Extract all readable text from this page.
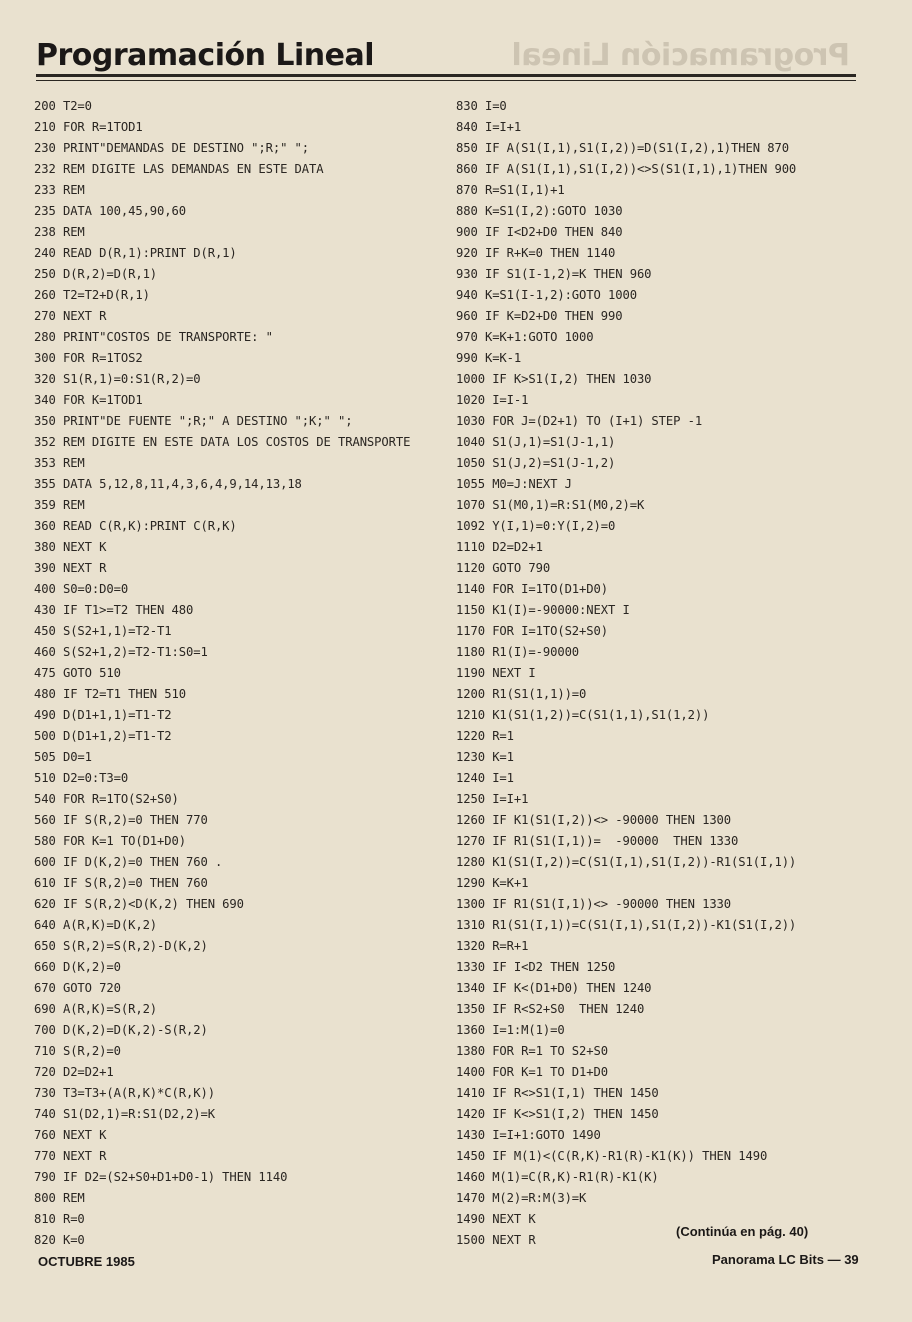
Programación Lineal	Programación Lineal
200 T2=0
210 FOR R=1TOD1
230 PRINT"DEMANDAS DE DESTINO ";R;" ";
232 REM DIGITE LAS DEMANDAS EN ESTE DATA
233 REM
235 DATA 100,45,90,60
238 REM
240 READ D(R,1):PRINT D(R,1)
250 D(R,2)=D(R,1)
260 T2=T2+D(R,1)
270 NEXT R
280 PRINT"COSTOS DE TRANSPORTE: "
300 FOR R=1TOS2
320 S1(R,1)=0:S1(R,2)=0
340 FOR K=1TOD1
350 PRINT"DE FUENTE ";R;" A DESTINO ";K;" ";
352 REM DIGITE EN ESTE DATA LOS COSTOS DE TRANSPORTE
353 REM
355 DATA 5,12,8,11,4,3,6,4,9,14,13,18
359 REM
360 READ C(R,K):PRINT C(R,K)
380 NEXT K
390 NEXT R
400 S0=0:D0=0
430 IF T1>=T2 THEN 480
450 S(S2+1,1)=T2-T1
460 S(S2+1,2)=T2-T1:S0=1
475 GOTO 510
480 IF T2=T1 THEN 510
490 D(D1+1,1)=T1-T2
500 D(D1+1,2)=T1-T2
505 D0=1
510 D2=0:T3=0
540 FOR R=1TO(S2+S0)
560 IF S(R,2)=0 THEN 770
580 FOR K=1 TO(D1+D0)
600 IF D(K,2)=0 THEN 760 .
610 IF S(R,2)=0 THEN 760
620 IF S(R,2)<D(K,2) THEN 690
640 A(R,K)=D(K,2)
650 S(R,2)=S(R,2)-D(K,2)
660 D(K,2)=0
670 GOTO 720
690 A(R,K)=S(R,2)
700 D(K,2)=D(K,2)-S(R,2)
710 S(R,2)=0
720 D2=D2+1
730 T3=T3+(A(R,K)*C(R,K))
740 S1(D2,1)=R:S1(D2,2)=K
760 NEXT K
770 NEXT R
790 IF D2=(S2+S0+D1+D0-1) THEN 1140
800 REM
810 R=0
820 K=0
830 I=0
840 I=I+1
850 IF A(S1(I,1),S1(I,2))=D(S1(I,2),1)THEN 870
860 IF A(S1(I,1),S1(I,2))<>S(S1(I,1),1)THEN 900
870 R=S1(I,1)+1
880 K=S1(I,2):GOTO 1030
900 IF I<D2+D0 THEN 840
920 IF R+K=0 THEN 1140
930 IF S1(I-1,2)=K THEN 960
940 K=S1(I-1,2):GOTO 1000
960 IF K=D2+D0 THEN 990
970 K=K+1:GOTO 1000
990 K=K-1
1000 IF K>S1(I,2) THEN 1030
1020 I=I-1
1030 FOR J=(D2+1) TO (I+1) STEP -1
1040 S1(J,1)=S1(J-1,1)
1050 S1(J,2)=S1(J-1,2)
1055 M0=J:NEXT J
1070 S1(M0,1)=R:S1(M0,2)=K
1092 Y(I,1)=0:Y(I,2)=0
1110 D2=D2+1
1120 GOTO 790
1140 FOR I=1TO(D1+D0)
1150 K1(I)=-90000:NEXT I
1170 FOR I=1TO(S2+S0)
1180 R1(I)=-90000
1190 NEXT I
1200 R1(S1(1,1))=0
1210 K1(S1(1,2))=C(S1(1,1),S1(1,2))
1220 R=1
1230 K=1
1240 I=1
1250 I=I+1
1260 IF K1(S1(I,2))<> -90000 THEN 1300
1270 IF R1(S1(I,1))=  -90000  THEN 1330
1280 K1(S1(I,2))=C(S1(I,1),S1(I,2))-R1(S1(I,1))
1290 K=K+1
1300 IF R1(S1(I,1))<> -90000 THEN 1330
1310 R1(S1(I,1))=C(S1(I,1),S1(I,2))-K1(S1(I,2))
1320 R=R+1
1330 IF I<D2 THEN 1250
1340 IF K<(D1+D0) THEN 1240
1350 IF R<S2+S0  THEN 1240
1360 I=1:M(1)=0
1380 FOR R=1 TO S2+S0
1400 FOR K=1 TO D1+D0
1410 IF R<>S1(I,1) THEN 1450
1420 IF K<>S1(I,2) THEN 1450
1430 I=I+1:GOTO 1490
1450 IF M(1)<(C(R,K)-R1(R)-K1(K)) THEN 1490
1460 M(1)=C(R,K)-R1(R)-K1(K)
1470 M(2)=R:M(3)=K
1490 NEXT K
1500 NEXT R
(Continúa en pág. 40)
OCTUBRE 1985	Panorama LC Bits — 39
